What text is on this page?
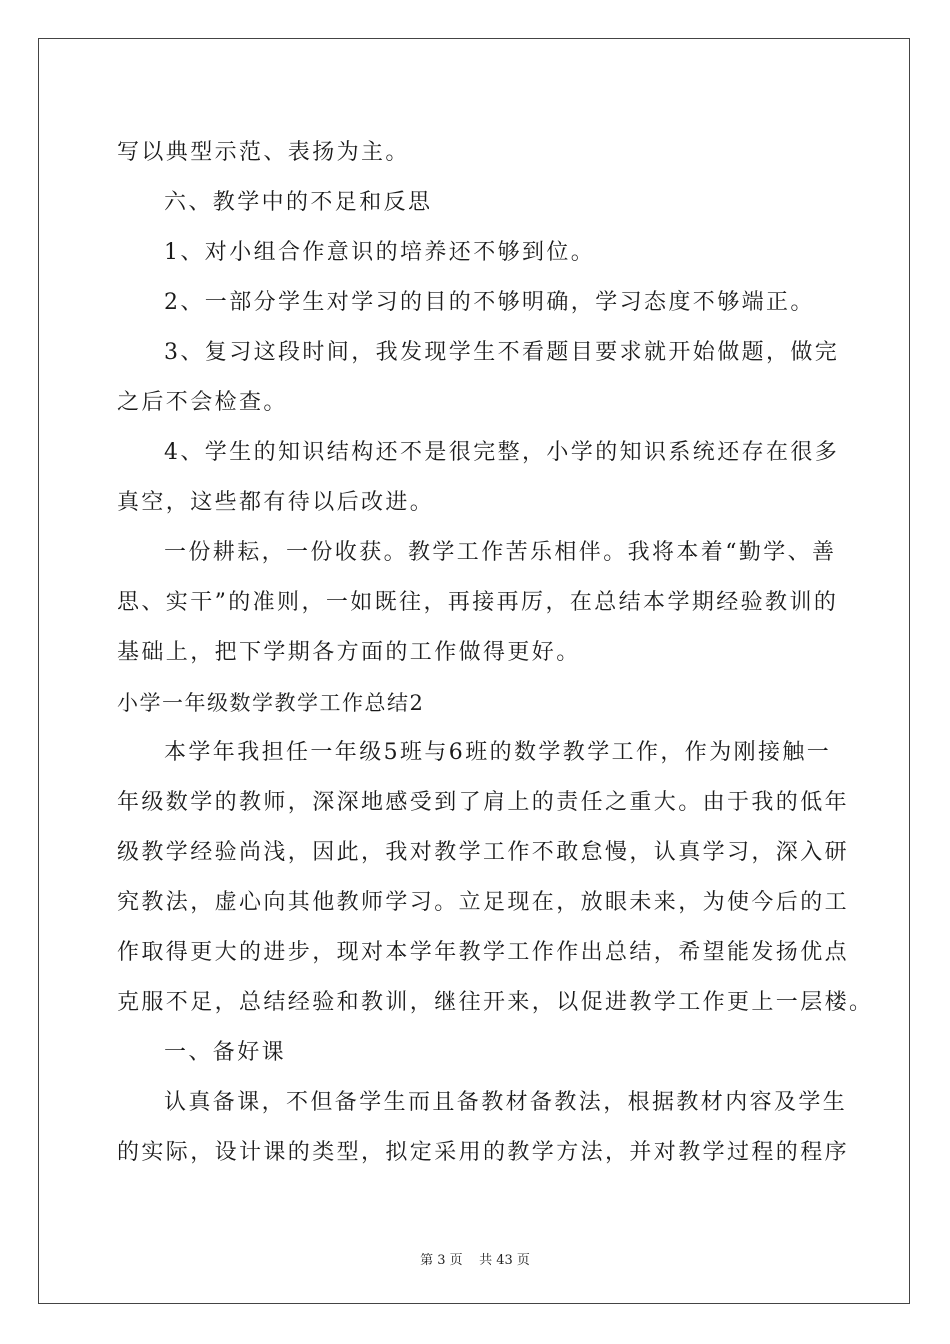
写以典型示范、表扬为主。
六、教学中的不足和反思
1、对小组合作意识的培养还不够到位。
2、一部分学生对学习的目的不够明确，学习态度不够端正。
3、复习这段时间，我发现学生不看题目要求就开始做题，做完
之后不会检查。
4、学生的知识结构还不是很完整，小学的知识系统还存在很多
真空，这些都有待以后改进。
一份耕耘，一份收获。教学工作苦乐相伴。我将本着“勤学、善
思、实干”的准则，一如既往，再接再厉，在总结本学期经验教训的
基础上，把下学期各方面的工作做得更好。
小学一年级数学教学工作总结2
本学年我担任一年级5班与6班的数学教学工作，作为刚接触一
年级数学的教师，深深地感受到了肩上的责任之重大。由于我的低年
级教学经验尚浅，因此，我对教学工作不敢怠慢，认真学习，深入研
究教法，虚心向其他教师学习。立足现在，放眼未来，为使今后的工
作取得更大的进步，现对本学年教学工作作出总结，希望能发扬优点
克服不足，总结经验和教训，继往开来，以促进教学工作更上一层楼。
一、备好课
认真备课，不但备学生而且备教材备教法，根据教材内容及学生
的实际，设计课的类型，拟定采用的教学方法，并对教学过程的程序
第 3 页    共 43 页
